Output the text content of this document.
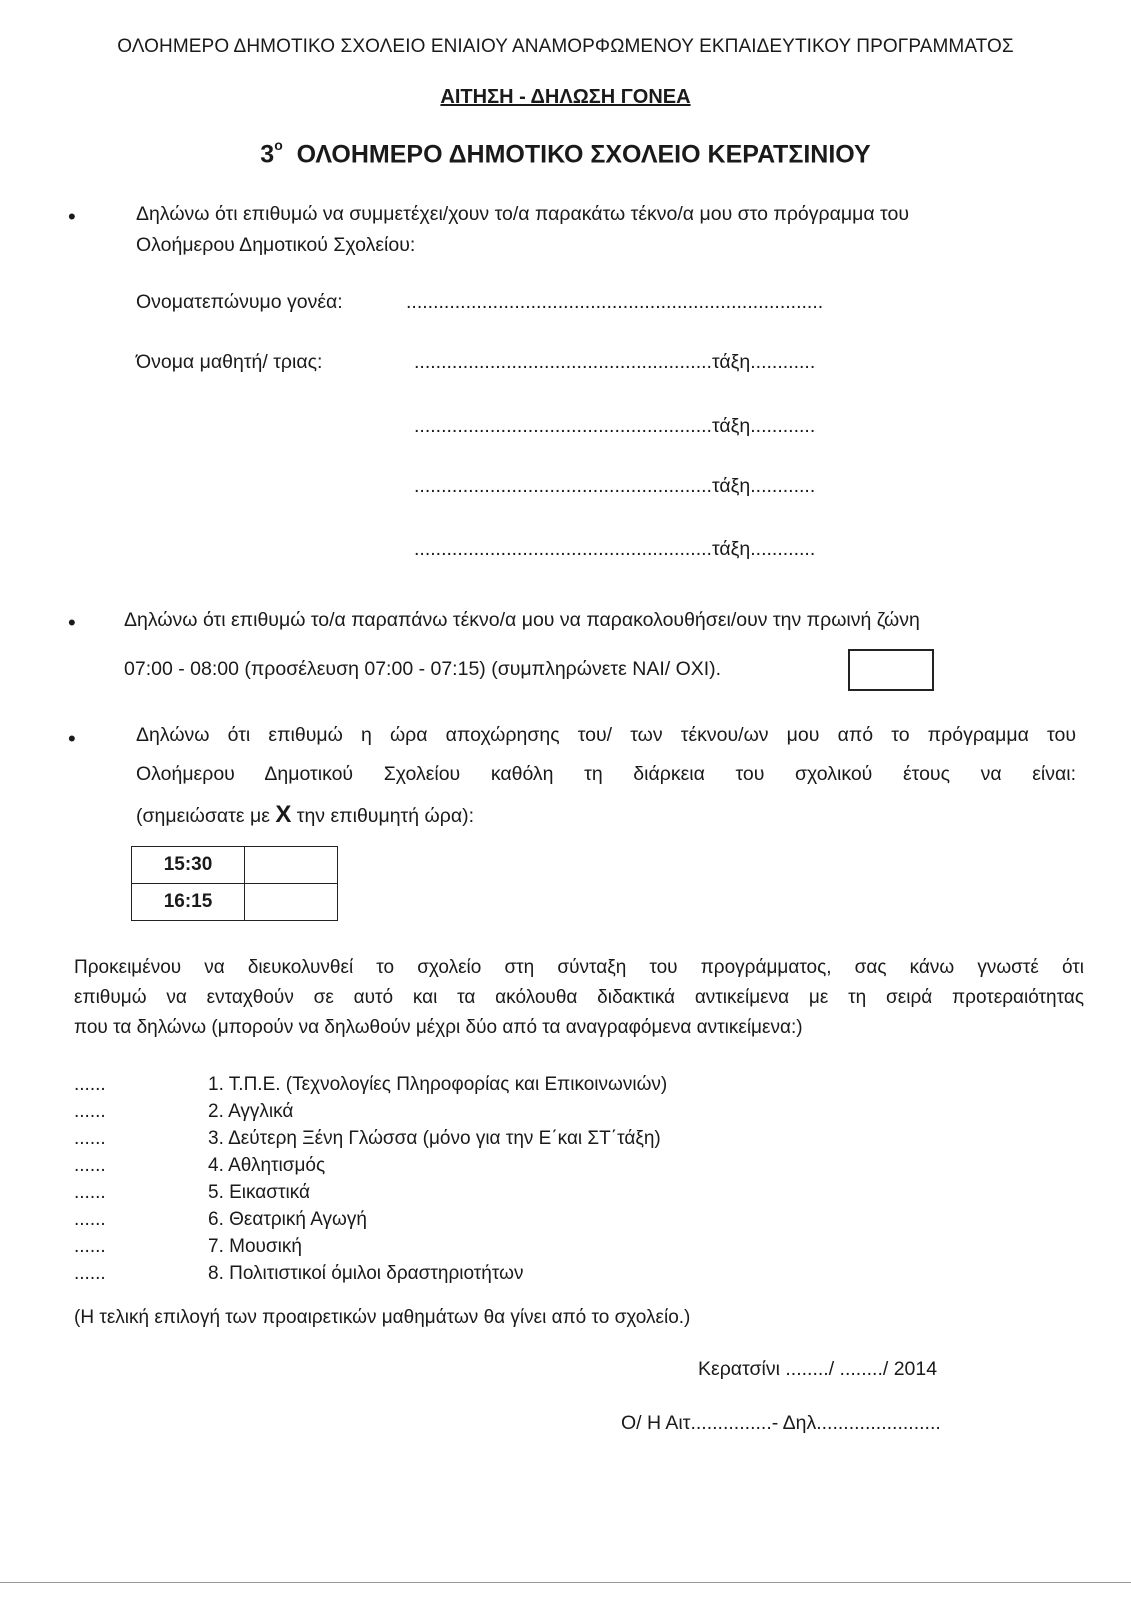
ΟΛΟΗΜΕΡΟ ΔΗΜΟΤΙΚΟ ΣΧΟΛΕΙΟ ΕΝΙΑΙΟΥ ΑΝΑΜΟΡΦΩΜΕΝΟΥ ΕΚΠΑΙΔΕΥΤΙΚΟΥ ΠΡΟΓΡΑΜΜΑΤΟΣ
ΑΙΤΗΣΗ - ΔΗΛΩΣΗ ΓΟΝΕΑ
$3^o$ ΟΛΟΗΜΕΡΟ ΔΗΜΟΤΙΚΟ ΣΧΟΛΕΙΟ ΚΕΡΑΤΣΙΝΙΟΥ
•	Δηλώνω ότι επιθυμώ να συμμετέχει/χουν το/α παρακάτω τέκνο/α μου στο πρόγραμμα του
Ολοήμερου Δημοτικού Σχολείου:
Ονοματεπώνυμο γονέα:	.............................................................................
Όνομα μαθητή/ τριας:	.......................................................τάξη............
.......................................................τάξη............
.......................................................τάξη............
.......................................................τάξη............
• Δηλώνω ότι επιθυμώ το/α παραπάνω τέκνο/α μου να παρακολουθήσει/ουν την πρωινή ζώνη
07:00 - 08:00 (προσέλευση 07:00 - 07:15) (συμπληρώνετε ΝΑΙ/ ΟΧΙ).
•	Δηλώνω ότι επιθυμώ η ώρα αποχώρησης του/ των τέκνου/ων μου από το πρόγραμμα του
Ολοήμερου Δημοτικού Σχολείου καθόλη τη διάρκεια του σχολικού έτους να είναι:
(σημειώσατε με X την επιθυμητή ώρα):
15:30	
16:15	
Προκειμένου να διευκολυνθεί το σχολείο στη σύνταξη του προγράμματος, σας κάνω γνωστέ ότι
επιθυμώ να ενταχθούν σε αυτό και τα ακόλουθα διδακτικά αντικείμενα με τη σειρά προτεραιότητας
που τα δηλώνω (μπορούν να δηλωθούν μέχρι δύο από τα αναγραφόμενα αντικείμενα:)
......	1. Τ.Π.Ε. (Τεχνολογίες Πληροφορίας και Επικοινωνιών)
......	2. Αγγλικά
......	3. Δεύτερη Ξένη Γλώσσα (μόνο για την Ε΄και ΣΤ΄τάξη)
......	4. Αθλητισμός
......	5. Εικαστικά
......	6. Θεατρική Αγωγή
......	7. Μουσική
......	8. Πολιτιστικοί όμιλοι δραστηριοτήτων
(Η τελική επιλογή των προαιρετικών μαθημάτων θα γίνει από το σχολείο.)
Κερατσίνι ......../ ......../ 2014
Ο/ Η Αιτ...............- Δηλ.......................
